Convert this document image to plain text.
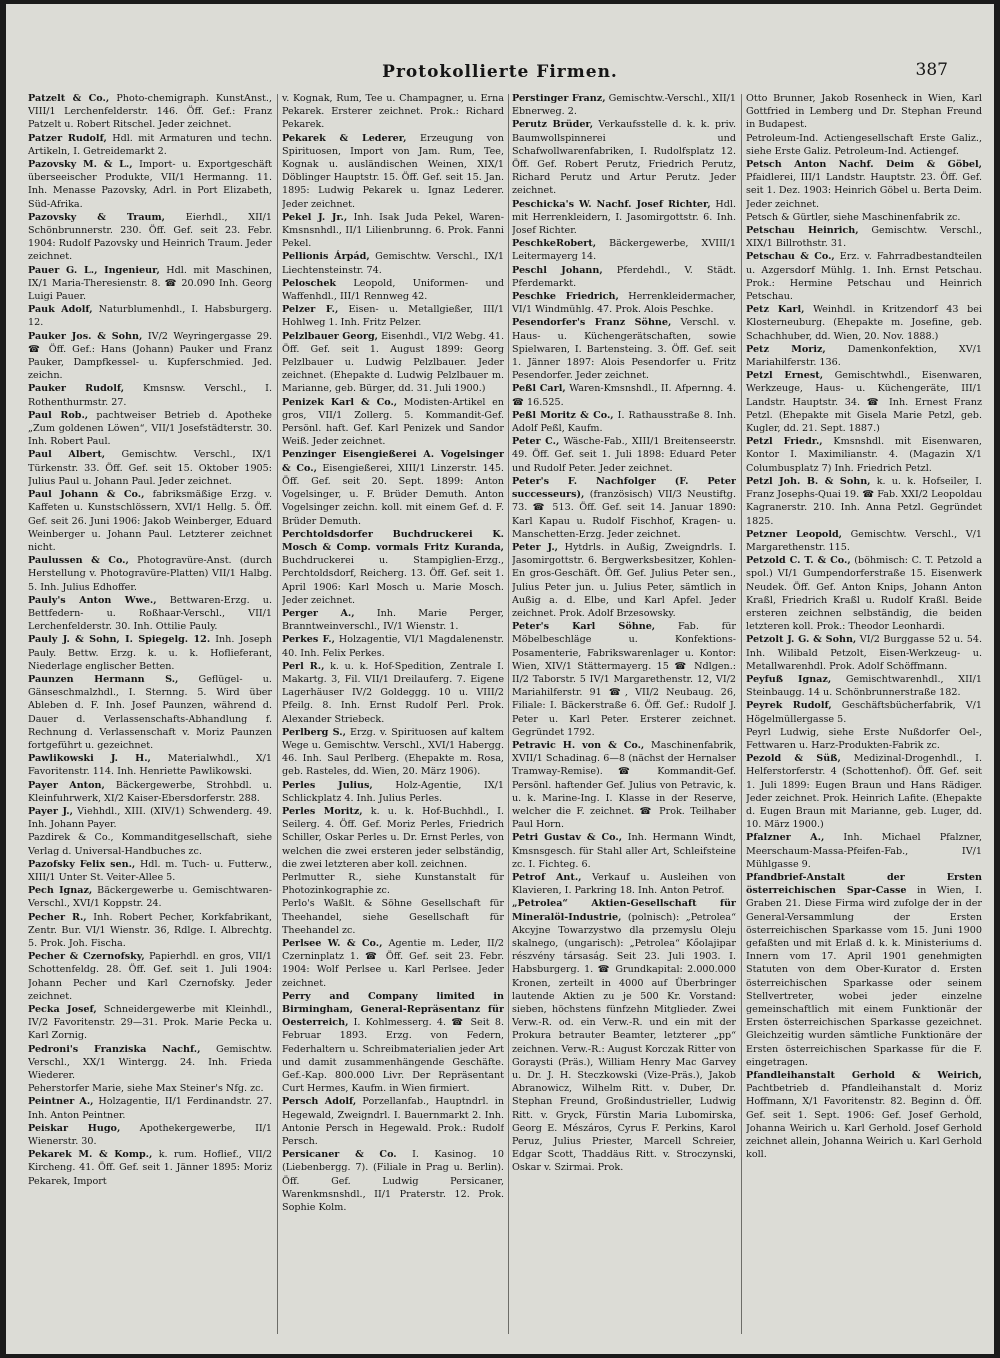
Protokollierte Firmen.	387

Patzelt & Co., Photo-chemigraph. KunstAnst., VIII/1 Lerchenfelderstr. 146. Öff. Gef.: Franz Patzelt u. Robert Ritschel. Jeder zeichnet.

Patzer Rudolf, Hdl. mit Armaturen und techn. Artikeln, I. Getreidemarkt 2.

Pazovsky M. & L., Import- u. Exportgeschäft überseeischer Produkte, VII/1 Hermanng. 11. Inh. Menasse Pazovsky, Adrl. in Port Elizabeth, Süd-Afrika.

Pazovsky & Traum, Eierhdl., XII/1 Schönbrunnerstr. 230. Öff. Gef. seit 23. Febr. 1904: Rudolf Pazovsky und Heinrich Traum. Jeder zeichnet.

Pauer G. L., Ingenieur, Hdl. mit Maschinen, IX/1 Maria-Theresienstr. 8. ☎ 20.090 Inh. Georg Luigi Pauer.

Pauk Adolf, Naturblumenhdl., I. Habsburgerg. 12.

Pauker Jos. & Sohn, IV/2 Weyringergasse 29. ☎ Öff. Gef.: Hans (Johann) Pauker und Franz Pauker, Dampfkessel- u. Kupferschmied. Jed. zeichn.

Pauker Rudolf, Kmsnsw. Verschl., I. Rothenthurmstr. 27.

Paul Rob., pachtweiser Betrieb d. Apotheke „Zum goldenen Löwen“, VII/1 Josefstädterstr. 30. Inh. Robert Paul.

Paul Albert, Gemischtw. Verschl., IX/1 Türkenstr. 33. Öff. Gef. seit 15. Oktober 1905: Julius Paul u. Johann Paul. Jeder zeichnet.

Paul Johann & Co., fabriksmäßige Erzg. v. Kaffeten u. Kunstschlössern, XVI/1 Hellg. 5. Öff. Gef. seit 26. Juni 1906: Jakob Weinberger, Eduard Weinberger u. Johann Paul. Letzterer zeichnet nicht.

Paulussen & Co., Photogravüre-Anst. (durch Herstellung v. Photogravüre-Platten) VII/1 Halbg. 5. Inh. Julius Edhoffer.

Pauly's Anton Wwe., Bettwaren-Erzg. u. Bettfedern- u. Roßhaar-Verschl., VII/1 Lerchenfelderstr. 30. Inh. Ottilie Pauly.

Pauly J. & Sohn, I. Spiegelg. 12. Inh. Joseph Pauly. Bettw. Erzg. k. u. k. Hoflieferant, Niederlage englischer Betten.

Paunzen Hermann S., Geflügel- u. Gänseschmalzhdl., I. Sternng. 5. Wird über Ableben d. F. Inh. Josef Paunzen, während d. Dauer d. Verlassenschafts-Abhandlung f. Rechnung d. Verlassenschaft v. Moriz Paunzen fortgeführt u. gezeichnet.

Pawlikowski J. H., Materialwhdl., X/1 Favoritenstr. 114. Inh. Henriette Pawlikowski.

Payer Anton, Bäckergewerbe, Strohbdl. u. Kleinfuhrwerk, XI/2 Kaiser-Ebersdorferstr. 288.

Payer J., Viehhdl., XIII. (XIV/1) Schwenderg. 49. Inh. Johann Payer.

Pazdirek & Co., Kommanditgesellschaft, siehe Verlag d. Universal-Handbuches zc.

Pazofsky Felix sen., Hdl. m. Tuch- u. Futterw., XIII/1 Unter St. Veiter-Allee 5.

Pech Ignaz, Bäckergewerbe u. Gemischtwaren-Verschl., XVI/1 Koppstr. 24.

Pecher R., Inh. Robert Pecher, Korkfabrikant, Zentr. Bur. VI/1 Wienstr. 36, Rdlge. I. Albrechtg. 5. Prok. Joh. Fischa.

Pecher & Czernofsky, Papierhdl. en gros, VII/1 Schottenfeldg. 28. Öff. Gef. seit 1. Juli 1904: Johann Pecher und Karl Czernofsky. Jeder zeichnet.

Pecka Josef, Schneidergewerbe mit Kleinhdl., IV/2 Favoritenstr. 29—31. Prok. Marie Pecka u. Karl Zornig.

Pedroni's Franziska Nachf., Gemischtw. Verschl., XX/1 Wintergg. 24. Inh. Frieda Wiederer.

Peherstorfer Marie, siehe Max Steiner's Nfg. zc.

Peintner A., Holzagentie, II/1 Ferdinandstr. 27. Inh. Anton Peintner.

Peiskar Hugo, Apothekergewerbe, II/1 Wienerstr. 30.

Pekarek M. & Komp., k. rum. Hoflief., VII/2 Kircheng. 41. Öff. Gef. seit 1. Jänner 1895: Moriz Pekarek, Import

v. Kognak, Rum, Tee u. Champagner, u. Erna Pekarek. Ersterer zeichnet. Prok.: Richard Pekarek.

Pekarek & Lederer, Erzeugung von Spirituosen, Import von Jam. Rum, Tee, Kognak u. ausländischen Weinen, XIX/1 Döblinger Hauptstr. 15. Öff. Gef. seit 15. Jan. 1895: Ludwig Pekarek u. Ignaz Lederer. Jeder zeichnet.

Pekel J. Jr., Inh. Isak Juda Pekel, Waren-Kmsnsnhdl., II/1 Lilienbrunng. 6. Prok. Fanni Pekel.

Pellionis Árpád, Gemischtw. Verschl., IX/1 Liechtensteinstr. 74.

Peloschek Leopold, Uniformen- und Waffenhdl., III/1 Rennweg 42.

Pelzer F., Eisen- u. Metallgießer, III/1 Hohlweg 1. Inh. Fritz Pelzer.

Pelzlbauer Georg, Eisenhdl., VI/2 Webg. 41. Öff. Gef. seit 1. August 1899: Georg Pelzlbauer u. Ludwig Pelzlbauer. Jeder zeichnet. (Ehepakte d. Ludwig Pelzlbauer m. Marianne, geb. Bürger, dd. 31. Juli 1900.)

Penizek Karl & Co., Modisten-Artikel en gros, VII/1 Zollerg. 5. Kommandit-Gef. Persönl. haft. Gef. Karl Penizek und Sandor Weiß. Jeder zeichnet.

Penzinger Eisengießerei A. Vogelsinger & Co., Eisengießerei, XIII/1 Linzerstr. 145. Öff. Gef. seit 20. Sept. 1899: Anton Vogelsinger, u. F. Brüder Demuth. Anton Vogelsinger zeichn. koll. mit einem Gef. d. F. Brüder Demuth.

Perchtoldsdorfer Buchdruckerei K. Mosch & Comp. vormals Fritz Kuranda, Buchdruckerei u. Stampiglien-Erzg., Perchtoldsdorf, Reicherg. 13. Öff. Gef. seit 1. April 1906: Karl Mosch u. Marie Mosch. Jeder zeichnet.

Perger A., Inh. Marie Perger, Branntweinverschl., IV/1 Wienstr. 1.

Perkes F., Holzagentie, VI/1 Magdalenenstr. 40. Inh. Felix Perkes.

Perl R., k. u. k. Hof-Spedition, Zentrale I. Makartg. 3, Fil. VII/1 Dreilauferg. 7. Eigene Lagerhäuser IV/2 Goldeggg. 10 u. VIII/2 Pfeilg. 8. Inh. Ernst Rudolf Perl. Prok. Alexander Striebeck.

Perlberg S., Erzg. v. Spirituosen auf kaltem Wege u. Gemischtw. Verschl., XVI/1 Habergg. 46. Inh. Saul Perlberg. (Ehepakte m. Rosa, geb. Rasteles, dd. Wien, 20. März 1906).

Perles Julius, Holz-Agentie, IX/1 Schlickplatz 4. Inh. Julius Perles.

Perles Moritz, k. u. k. Hof-Buchhdl., I. Seilerg. 4. Öff. Gef. Moriz Perles, Friedrich Schiller, Oskar Perles u. Dr. Ernst Perles, von welchen die zwei ersteren jeder selbständig, die zwei letzteren aber koll. zeichnen.

Perlmutter R., siehe Kunstanstalt für Photozinkographie zc.

Perlo's Waßlt. & Söhne Gesellschaft für Theehandel, siehe Gesellschaft für Theehandel zc.

Perlsee W. & Co., Agentie m. Leder, II/2 Czerninplatz 1. ☎ Öff. Gef. seit 23. Febr. 1904: Wolf Perlsee u. Karl Perlsee. Jeder zeichnet.

Perry and Company limited in Birmingham, General-Repräsentanz für Oesterreich, I. Kohlmesserg. 4. ☎ Seit 8. Februar 1893. Erzg. von Federn, Federhaltern u. Schreibmaterialien jeder Art und damit zusammenhängende Geschäfte. Gef.-Kap. 800.000 Livr. Der Repräsentant Curt Hermes, Kaufm. in Wien firmiert.

Persch Adolf, Porzellanfab., Hauptndrl. in Hegewald, Zweigndrl. I. Bauernmarkt 2. Inh. Antonie Persch in Hegewald. Prok.: Rudolf Persch.

Persicaner & Co. I. Kasinog. 10 (Liebenbergg. 7). (Filiale in Prag u. Berlin). Öff. Gef. Ludwig Persicaner, Warenkmsnshdl., II/1 Praterstr. 12. Prok. Sophie Kolm.

Perstinger Franz, Gemischtw.-Verschl., XII/1 Ebnerweg. 2.

Perutz Brüder, Verkaufsstelle d. k. k. priv. Baumwollspinnerei und Schafwollwarenfabriken, I. Rudolfsplatz 12. Öff. Gef. Robert Perutz, Friedrich Perutz, Richard Perutz und Artur Perutz. Jeder zeichnet.

Peschicka's W. Nachf. Josef Richter, Hdl. mit Herrenkleidern, I. Jasomirgottstr. 6. Inh. Josef Richter.

PeschkeRobert, Bäckergewerbe, XVIII/1 Leitermayerg 14.

Peschl Johann, Pferdehdl., V. Städt. Pferdemarkt.

Peschke Friedrich, Herrenkleidermacher, VI/1 Windmühlg. 47. Prok. Alois Peschke.

Pesendorfer's Franz Söhne, Verschl. v. Haus- u. Küchengerätschaften, sowie Spielwaren, I. Bartensteing. 3. Öff. Gef. seit 1. Jänner 1897: Alois Pesendorfer u. Fritz Pesendorfer. Jeder zeichnet.

Peßl Carl, Waren-Kmsnshdl., II. Afpernng. 4. ☎ 16.525.

Peßl Moritz & Co., I. Rathausstraße 8. Inh. Adolf Peßl, Kaufm.

Peter C., Wäsche-Fab., XIII/1 Breitenseerstr. 49. Öff. Gef. seit 1. Juli 1898: Eduard Peter und Rudolf Peter. Jeder zeichnet.

Peter's F. Nachfolger (F. Peter successeurs), (französisch) VII/3 Neustiftg. 73. ☎ 513. Öff. Gef. seit 14. Januar 1890: Karl Kapau u. Rudolf Fischhof, Kragen- u. Manschetten-Erzg. Jeder zeichnet.

Peter J., Hytdrls. in Außig, Zweigndrls. I. Jasomirgottstr. 6. Bergwerksbesitzer, Kohlen-En gros-Geschäft. Öff. Gef. Julius Peter sen., Julius Peter jun. u. Julius Peter, sämtlich in Außig a. d. Elbe, und Karl Apfel. Jeder zeichnet. Prok. Adolf Brzesowsky.

Peter's Karl Söhne, Fab. für Möbelbeschläge u. Konfektions-Posamenterie, Fabrikswarenlager u. Kontor: Wien, XIV/1 Stättermayerg. 15 ☎ Ndlgen.: II/2 Taborstr. 5 IV/1 Margarethenstr. 12, VI/2 Mariahilferstr. 91 ☎, VII/2 Neubaug. 26, Filiale: I. Bäckerstraße 6. Öff. Gef.: Rudolf J. Peter u. Karl Peter. Ersterer zeichnet. Gegründet 1792.

Petravic H. von & Co., Maschinenfabrik, XVII/1 Schadinag. 6—8 (nächst der Hernalser Tramway-Remise). ☎ Kommandit-Gef. Persönl. haftender Gef. Julius von Petravic, k. u. k. Marine-Ing. I. Klasse in der Reserve, welcher die F. zeichnet. ☎ Prok. Teilhaber Paul Horn.

Petri Gustav & Co., Inh. Hermann Windt, Kmsnsgesch. für Stahl aller Art, Schleifsteine zc. I. Fichteg. 6.

Petrof Ant., Verkauf u. Ausleihen von Klavieren, I. Parkring 18. Inh. Anton Petrof.

„Petrolea“ Aktien-Gesellschaft für Mineralöl-Industrie, (polnisch): „Petrolea“ Akcyjne Towarzystwo dla przemyslu Oleju skalnego, (ungarisch): „Petrolea“ Kőolajipar részvény társaság. Seit 23. Juli 1903. I. Habsburgerg. 1. ☎ Grundkapital: 2.000.000 Kronen, zerteilt in 4000 auf Überbringer lautende Aktien zu je 500 Kr. Vorstand: sieben, höchstens fünfzehn Mitglieder. Zwei Verw.-R. od. ein Verw.-R. und ein mit der Prokura betrauter Beamter, letzterer „pp“ zeichnen. Verw.-R.: August Korczak Ritter von Goraysti (Präs.), William Henry Mac Garvey u. Dr. J. H. Steczkowski (Vize-Präs.), Jakob Abranowicz, Wilhelm Ritt. v. Duber, Dr. Stephan Freund, Großindustrieller, Ludwig Ritt. v. Gryck, Fürstin Maria Lubomirska, Georg E. Mészáros, Cyrus F. Perkins, Karol Peruz, Julius Priester, Marcell Schreier, Edgar Scott, Thaddäus Ritt. v. Stroczynski, Oskar v. Szirmai. Prok.

Otto Brunner, Jakob Rosenheck in Wien, Karl Gottfried in Lemberg und Dr. Stephan Freund in Budapest.

Petroleum-Ind. Actiengesellschaft Erste Galiz., siehe Erste Galiz. Petroleum-Ind. Actiengef.

Petsch Anton Nachf. Deim & Göbel, Pfaidlerei, III/1 Landstr. Hauptstr. 23. Öff. Gef. seit 1. Dez. 1903: Heinrich Göbel u. Berta Deim. Jeder zeichnet.

Petsch & Gürtler, siehe Maschinenfabrik zc.

Petschau Heinrich, Gemischtw. Verschl., XIX/1 Billrothstr. 31.

Petschau & Co., Erz. v. Fahrradbestandteilen u. Azgersdorf Mühlg. 1. Inh. Ernst Petschau. Prok.: Hermine Petschau und Heinrich Petschau.

Petz Karl, Weinhdl. in Kritzendorf 43 bei Klosterneuburg. (Ehepakte m. Josefine, geb. Schachhuber, dd. Wien, 20. Nov. 1888.)

Petz Moriz, Damenkonfektion, XV/1 Mariahilferstr. 136.

Petzl Ernest, Gemischtwhdl., Eisenwaren, Werkzeuge, Haus- u. Küchengeräte, III/1 Landstr. Hauptstr. 34. ☎ Inh. Ernest Franz Petzl. (Ehepakte mit Gisela Marie Petzl, geb. Kugler, dd. 21. Sept. 1887.)

Petzl Friedr., Kmsnshdl. mit Eisenwaren, Kontor I. Maximilianstr. 4. (Magazin X/1 Columbusplatz 7) Inh. Friedrich Petzl.

Petzl Joh. B. & Sohn, k. u. k. Hofseiler, I. Franz Josephs-Quai 19. ☎ Fab. XXI/2 Leopoldau Kagranerstr. 210. Inh. Anna Petzl. Gegründet 1825.

Petzner Leopold, Gemischtw. Verschl., V/1 Margarethenstr. 115.

Petzold C. T. & Co., (böhmisch: C. T. Petzold a spol.) VI/1 Gumpendorferstraße 15. Eisenwerk Neudek. Öff. Gef. Anton Knips, Johann Anton Kraßl, Friedrich Kraßl u. Rudolf Kraßl. Beide ersteren zeichnen selbständig, die beiden letzteren koll. Prok.: Theodor Leonhardi.

Petzolt J. G. & Sohn, VI/2 Burggasse 52 u. 54. Inh. Wilibald Petzolt, Eisen-Werkzeug- u. Metallwarenhdl. Prok. Adolf Schöffmann.

Peyfuß Ignaz, Gemischtwarenhdl., XII/1 Steinbaugg. 14 u. Schönbrunnerstraße 182.

Peyrek Rudolf, Geschäftsbücherfabrik, V/1 Högelmüllergasse 5.

Peyrl Ludwig, siehe Erste Nußdorfer Oel-, Fettwaren u. Harz-Produkten-Fabrik zc.

Pezold & Süß, Medizinal-Drogenhdl., I. Helferstorferstr. 4 (Schottenhof). Öff. Gef. seit 1. Juli 1899: Eugen Braun und Hans Rädiger. Jeder zeichnet. Prok. Heinrich Lafite. (Ehepakte d. Eugen Braun mit Marianne, geb. Luger, dd. 10. März 1900.)

Pfalzner A., Inh. Michael Pfalzner, Meerschaum-Massa-Pfeifen-Fab., IV/1 Mühlgasse 9.

Pfandbrief-Anstalt der Ersten österreichischen Spar-Casse in Wien, I. Graben 21. Diese Firma wird zufolge der in der General-Versammlung der Ersten österreichischen Sparkasse vom 15. Juni 1900 gefaßten und mit Erlaß d. k. k. Ministeriums d. Innern vom 17. April 1901 genehmigten Statuten von dem Ober-Kurator d. Ersten österreichischen Sparkasse oder seinem Stellvertreter, wobei jeder einzelne gemeinschaftlich mit einem Funktionär der Ersten österreichischen Sparkasse gezeichnet. Gleichzeitig wurden sämtliche Funktionäre der Ersten österreichischen Sparkasse für die F. eingetragen.

Pfandleihanstalt Gerhold & Weirich, Pachtbetrieb d. Pfandleihanstalt d. Moriz Hoffmann, X/1 Favoritenstr. 82. Beginn d. Öff. Gef. seit 1. Sept. 1906: Gef. Josef Gerhold, Johanna Weirich u. Karl Gerhold. Josef Gerhold zeichnet allein, Johanna Weirich u. Karl Gerhold koll.
